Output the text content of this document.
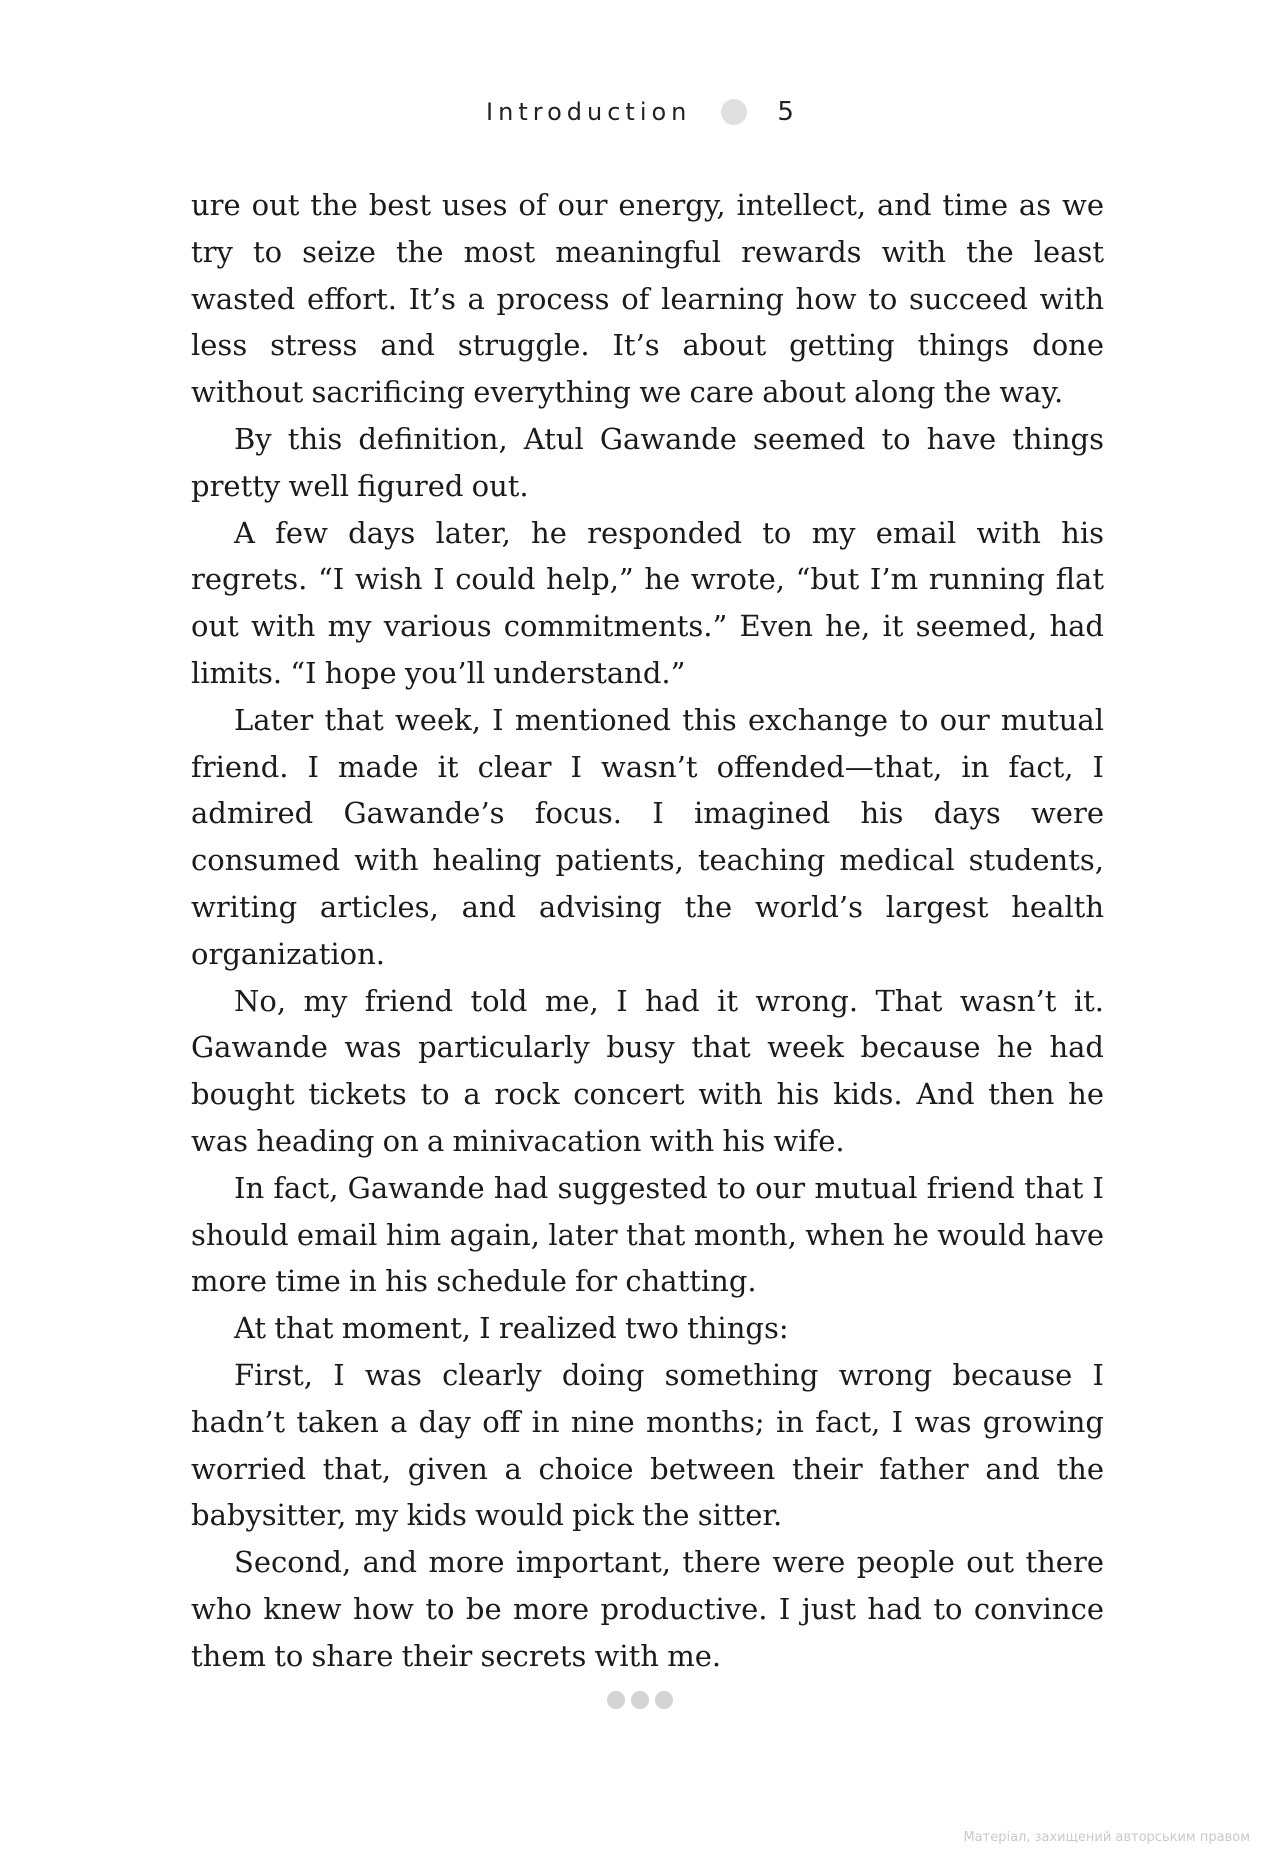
Introduction	5

ure out the best uses of our energy, intellect, and time as we try to seize the most meaningful rewards with the least wasted effort. It’s a process of learning how to succeed with less stress and struggle. It’s about getting things done without sacrificing everything we care about along the way.

By this definition, Atul Gawande seemed to have things pretty well figured out.

A few days later, he responded to my email with his regrets. “I wish I could help,” he wrote, “but I’m running flat out with my various commitments.” Even he, it seemed, had limits. “I hope you’ll understand.”

Later that week, I mentioned this exchange to our mutual friend. I made it clear I wasn’t offended—that, in fact, I admired Gawande’s focus. I imagined his days were consumed with healing patients, teaching medical students, writing articles, and advising the world’s largest health organization.

No, my friend told me, I had it wrong. That wasn’t it. Gawande was particularly busy that week because he had bought tickets to a rock concert with his kids. And then he was heading on a minivacation with his wife.

In fact, Gawande had suggested to our mutual friend that I should email him again, later that month, when he would have more time in his schedule for chatting.

At that moment, I realized two things:

First, I was clearly doing something wrong because I hadn’t taken a day off in nine months; in fact, I was growing worried that, given a choice between their father and the babysitter, my kids would pick the sitter.

Second, and more important, there were people out there who knew how to be more productive. I just had to convince them to share their secrets with me.

Матеріал, захищений авторським правом
